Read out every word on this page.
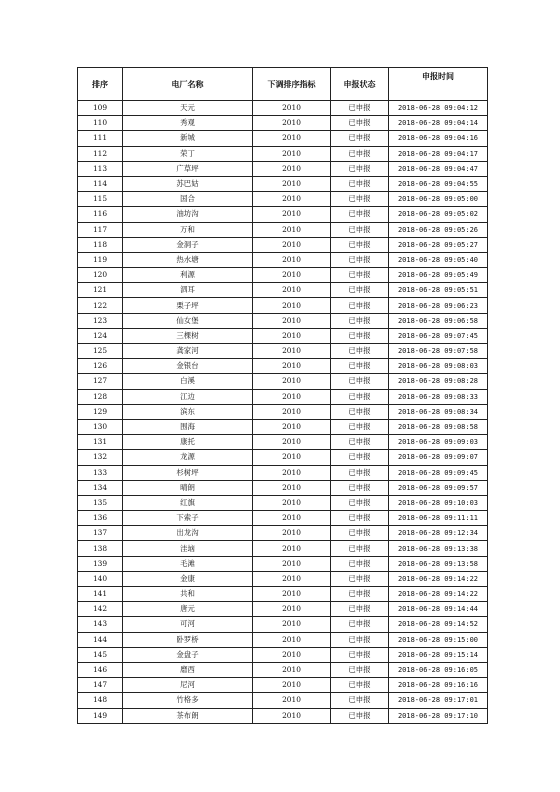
排序	电厂名称	下调排序指标	申报状态	申报时间
109	天元	2010	已申报	2018-06-28 09:04:12
110	秀观	2010	已申报	2018-06-28 09:04:14
111	新城	2010	已申报	2018-06-28 09:04:16
112	荣丁	2010	已申报	2018-06-28 09:04:17
113	广草坪	2010	已申报	2018-06-28 09:04:47
114	苏巴姑	2010	已申报	2018-06-28 09:04:55
115	国合	2010	已申报	2018-06-28 09:05:00
116	油坊沟	2010	已申报	2018-06-28 09:05:02
117	万和	2010	已申报	2018-06-28 09:05:26
118	金洞子	2010	已申报	2018-06-28 09:05:27
119	热水塘	2010	已申报	2018-06-28 09:05:40
120	利源	2010	已申报	2018-06-28 09:05:49
121	泗耳	2010	已申报	2018-06-28 09:05:51
122	栗子坪	2010	已申报	2018-06-28 09:06:23
123	仙女堡	2010	已申报	2018-06-28 09:06:58
124	三棵树	2010	已申报	2018-06-28 09:07:45
125	龚家河	2010	已申报	2018-06-28 09:07:58
126	金银台	2010	已申报	2018-06-28 09:08:03
127	白溪	2010	已申报	2018-06-28 09:08:28
128	江边	2010	已申报	2018-06-28 09:08:33
129	滨东	2010	已申报	2018-06-28 09:08:34
130	围海	2010	已申报	2018-06-28 09:08:58
131	康托	2010	已申报	2018-06-28 09:09:03
132	龙源	2010	已申报	2018-06-28 09:09:07
133	杉树坪	2010	已申报	2018-06-28 09:09:45
134	晴朗	2010	已申报	2018-06-28 09:09:57
135	红旗	2010	已申报	2018-06-28 09:10:03
136	下索子	2010	已申报	2018-06-28 09:11:11
137	出龙沟	2010	已申报	2018-06-28 09:12:34
138	洼垴	2010	已申报	2018-06-28 09:13:38
139	毛滩	2010	已申报	2018-06-28 09:13:58
140	金康	2010	已申报	2018-06-28 09:14:22
141	共和	2010	已申报	2018-06-28 09:14:22
142	唐元	2010	已申报	2018-06-28 09:14:44
143	可河	2010	已申报	2018-06-28 09:14:52
144	卧罗桥	2010	已申报	2018-06-28 09:15:00
145	金盘子	2010	已申报	2018-06-28 09:15:14
146	磨西	2010	已申报	2018-06-28 09:16:05
147	尼河	2010	已申报	2018-06-28 09:16:16
148	竹格多	2010	已申报	2018-06-28 09:17:01
149	茶布朗	2010	已申报	2018-06-28 09:17:10
